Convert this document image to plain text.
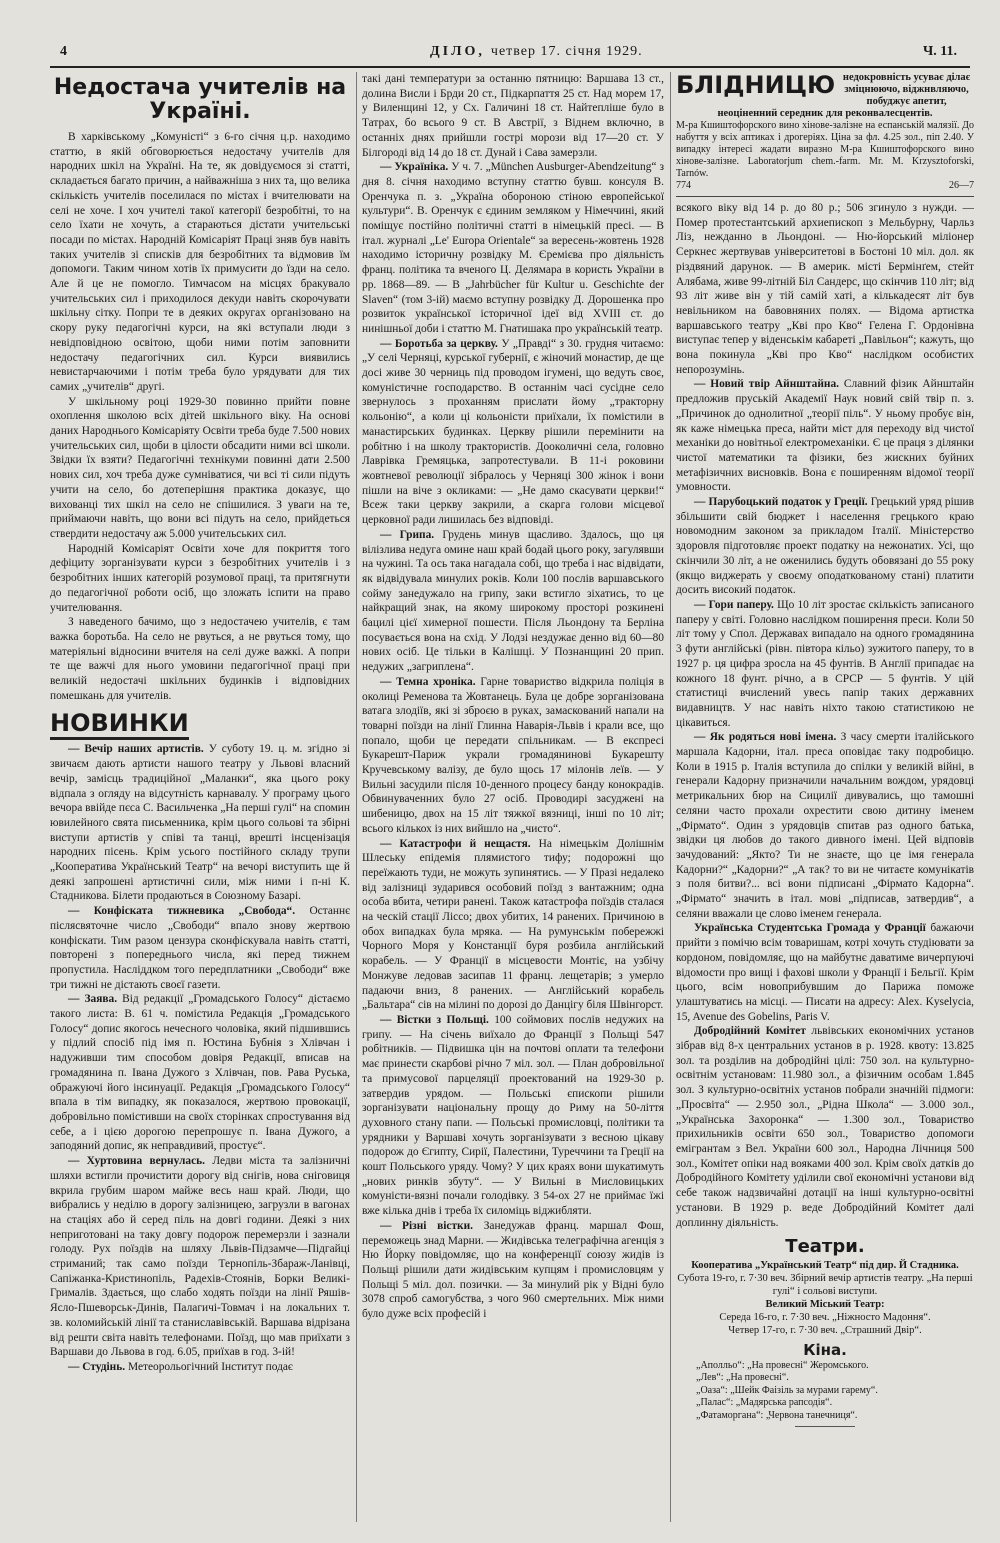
4	ДІЛО, четвер 17. січня 1929.	Ч. 11.
Недостача учителів на Україні.

В харківському „Комуністі“ з 6-го січня ц.р. находимо статтю, в якій обговорюється недостачу учителів для народних шкіл на Україні. На те, як довідуємося зі статті, складається багато причин, а найважніша з них та, що велика скількість учителів поселилася по містах і вчителювати на селі не хоче. І хоч учителі такої категорії безробітні, то на село їхати не хочуть, а стараються дістати учительські посади по містах. Народній Комісаріят Праці зняв був навіть таких учителів зі списків для безробітних та відмовив їм допомоги. Таким чином хотів їх примусити до їзди на село. Але й це не помогло. Тимчасом на місцях бракувало учительських сил і приходилося декуди навіть скорочувати шкільну сітку. Попри те в деяких округах організовано на скору руку педагогічні курси, на які вступали люди з невідповідною освітою, щоби ними потім заповнити недостачу педагогічних сил. Курси виявились невистарчаючими і потім треба було урядувати для тих самих „учителів“ другі.

У шкільному році 1929-30 повинно прийти повне охоплення школою всіх дітей шкільного віку. На основі даних Народнього Комісаріяту Освіти треба буде 7.500 нових учительських сил, щоби в цілости обсадити ними всі школи. Звідки їх взяти? Педагогічні технікуми повинні дати 2.500 нових сил, хоч треба дуже сумніватися, чи всі ті сили підуть учити на село, бо дотеперішня практика доказує, що вихованці тих шкіл на село не спішилися. З уваги на те, приймаючи навіть, що вони всі підуть на село, прийдеться ствердити недостачу аж 5.000 учительських сил.

Народній Комісаріят Освіти хоче для покриття того дефіциту зорганізувати курси з безробітних учителів і з безробітних інших категорій розумової праці, та притягнути до педагогічної роботи осіб, що зложать іспити на право учителювання.

З наведеного бачимо, що з недостачею учителів, є там важка боротьба. На село не рвуться, а не рвуться тому, що матеріяльні відносини вчителя на селі дуже важкі. А попри те ще важчі для нього умовини педагогічної праці при великій недостачі шкільних будинків і відповідних помешкань для учителів.

НОВИНКИ

— Вечір наших артистів. У суботу 19. ц. м. згідно зі звичаєм дають артисти нашого театру у Львові власний вечір, замісць традиційної „Маланки“, яка цього року відпала з огляду на відсутність карнавалу. У програму цього вечора ввійде пєса С. Васильченка „На перші гулі“ на спомин ювилейного свята письменника, крім цього сольові та збірні виступи артистів у співі та танці, врешті інсценізація народних пісень. Крім усього постійного складу трупи „Кооператива Український Театр“ на вечорі виступить ще й деякі запрошені артистичні сили, між ними і п-ні К. Стадникова. Білети продаються в Союзному Базарі.

— Конфіската тижневика „Свобода“. Останнє післясвяточне число „Свободи“ впало знову жертвою конфіскати. Тим разом цензура сконфіскувала навіть статті, повторені з попереднього числа, які перед тижнем пропустила. Насліддком того передплатники „Свободи“ вже три тижні не дістають своєї газети.

— Заява. Від редакції „Громадського Голосу“ дістаємо такого листа: В. 61 ч. помістила Редакція „Громадського Голосу“ допис якогось нечесного чоловіка, який підшившись у підлий спосіб під імя п. Юстина Бубнія з Хлівчан і надуживши тим способом довіря Редакції, вписав на громадянина п. Івана Дужого з Хлівчан, пов. Рава Руська, ображуючі його інсинуації. Редакція „Громадського Голосу“ впала в тім випадку, як показалося, жертвою провокації, добровільно помістивши на своїх сторінках спростування від себе, а і цією дорогою перепрошує п. Івана Дужого, а заподяний допис, як неправдивий, простує“.

— Хуртовина вернулась. Ледви міста та залізничні шляхи встигли прочистити дорогу від снігів, нова сніговиця вкрила грубим шаром майже весь наш край. Люди, що вибрались у неділю в дорогу залізницею, загрузли в вагонах на стаціях або й серед піль на довгі години. Деякі з них неприготовані на таку довгу подорож перемерзли і зазнали голоду. Рух поїздів на шляху Львів-Підзамче—Підгайці стриманий; так само поїзди Тернопіль-Збараж-Ланівці, Сапіжанка-Кристинопіль, Радехів-Стоянів, Борки Великі-Грималів. Здається, що слабо ходять поїзди на лінії Ряшів-Ясло-Пшеворськ-Динів, Палагичі-Товмач і на локальних т. зв. коломийській лінії та станиславівській. Варшава відрізана від решти світа навіть телефонами. Поїзд, що мав приїхати з Варшави до Львова в год. 6.05, приїхав в год. 3-ій!

— Студінь. Метеорольогічний Інститут подає

такі дані температури за останню пятницю: Варшава 13 ст., долина Висли і Брди 20 ст., Підкарпаття 25 ст. Над морем 17, у Виленщині 12, у Сх. Галичині 18 ст. Найтепліше було в Татрах, бо всього 9 ст. В Австрії, з Віднем включно, в останніх днях прийшли гострі морози від 17—20 ст. У Білгороді від 14 до 18 ст. Дунай і Сава замерзли.

— Україніка. У ч. 7. „München Ausburger-Abendzeitung“ з дня 8. січня находимо вступну статтю бувш. консуля В. Оренчука п. з. „Україна обороною стіною европейської культури“. В. Оренчук є єдиним земляком у Німеччині, який поміщує постійно політичні статті в німецькій пресі. — В італ. журналі „Le' Europa Orientale“ за вересень-жовтень 1928 находимо історичну розвідку М. Єремієва про діяльність франц. політика та вченого Ц. Делямара в користь України в рр. 1868—89. — В „Jahrbücher für Kultur u. Geschichte der Slaven“ (том 3-ій) маємо вступну розвідку Д. Дорошенка про розвиток української історичної ідеї від XVIII ст. до нинішньої доби і статтю М. Гнатишака про українській театр.

— Боротьба за церкву. У „Правді“ з 30. грудня читаємо: „У селі Черняці, курської губернії, є жіночий монастир, де ще досі живе 30 черниць під проводом ігумені, що ведуть своє, комуністичне господарство. В останнім часі сусідне село звернулось з проханням прислати йому „тракторну кольонію“, а коли ці кольоністи приїхали, їх помістили в манастирських будинках. Церкву рішили перемінити на робітню і на школу трактористів. Дооколичні села, головно Лаврівка Гремяцька, запротестували. В 11-і роковини жовтневої революції зібралось у Черняці 300 жінок і вони пішли на віче з окликами: — „Не дамо скасувати церкви!“ Всеж таки церкву закрили, а скарга голови місцевої церковної ради лишилась без відповіді.

— Грипа. Грудень минув щасливо. Здалось, що ця вілізлива недуга омине наш край бодай цього року, загулявши на чужині. Та ось така нагадала собі, що треба і нас відвідати, як відвідувала минулих років. Коли 100 послів варшавського сойму занедужало на грипу, заки встигло зіхатись, то це найкращий знак, на якому широкому просторі розкинені бацилі цієї химерної пошести. Після Льондону та Берліна посувається вона на схід. У Лодзі нездужає денно від 60—80 нових осіб. Це тільки в Калішці. У Познанщині 20 прип. недужих „загриплена“.

— Темна хроніка. Гарне товариство відкрила поліція в околиці Ременова та Жовтанець. Була це добре зорганізована ватага злодіїв, які зі зброєю в руках, замаскований напали на товарні поїзди на лінії Глинна Наварія-Львів і крали все, що попало, щоби це передати спільникам. — В експресі Букарешт-Париж украли громадянинові Букарешту Кручевському валізу, де було щось 17 мілонів леїв. — У Вильні засудили після 10-денного процесу банду конокрадів. Обвинуваченних було 27 осіб. Проводирі засуджені на шибеницю, двох на 15 літ тяжкої вязниці, інші по 10 літ; всього кількох із них вийшло на „чисто“.

— Катастрофи й нещастя. На німецькім Долішнім Шлеську епідемія плямистого тифу; подорожні що переїжають туди, не можуть зупинятись. — У Празі недалеко від залізниці зударився особовий поїзд з вантажним; одна особа вбита, четири ранені. Також катастрофа поїздів сталася на ческій стації Ліссо; двох убитих, 14 ранених. Причиною в обох випадках була мряка. — На румунськім побережжі Чорного Моря у Констанції буря розбила англійський корабель. — У Франції в місцевости Монтіє, на узбічу Монжуве ледовав засипав 11 франц. лещетарів; з умерло падаючи вниз, 8 ранених. — Англійський корабель „Бальтара“ сів на мілині по дорозі до Данцігу біля Швінгорст.

— Вістки з Польщі. 100 соймових послів недужих на грипу. — На січень виїхало до Франції з Польщі 547 робітників. — Підвишка цін на почтові оплати та телефони має принести скарбові річно 7 міл. зол. — План добровільної та примусової парцеляції проектований на 1929-30 р. затвердив урядом. — Польські єпископи рішили зорганізувати національну прощу до Риму на 50-ліття духовного стану папи. — Польські промисловці, політики та урядники у Варшаві хочуть зорганізувати з весною цікаву подорож до Єгипту, Сирії, Палестини, Туреччини та Греції на кошт Польського уряду. Чому? У цих краях вони шукатимуть „нових ринків збуту“. — У Вильні в Мисловицьких комуністи-вязні почали голодівку. З 54-ох 27 не приймає їжі вже кілька днів і треба їх силоміць віджибляти.

— Різні вістки. Занедужав франц. маршал Фош, переможець знад Марни. — Жидівська телеграфічна агенція з Ню Йорку повідомляє, що на конференції союзу жидів із Польщі рішили дати жидівським купцям і промисловцям у Польщі 5 міл. дол. позички. — За минулий рік у Відні було 3078 спроб самогубства, з чого 960 смертельних. Між ними було дуже всіх професій і

БЛІДНИЦЮ недокровність усуває ділає зміцнюючо, віджнвляючо, побуджує апетит, неоціненний середник для реконвалесцентів.
М-ра Кшиштофорского вино хінове-залізне на еспанській малязії. До набуття у всіх аптиках і дрогеріях. Ціна за фл. 4.25 зол., піп 2.40. У випадку інтересі жадати виразно М-ра Кшиштофорского вино хінове-залізне. Laboratorjum chem.-farm. Mr. M. Krzysztoforski, Tarnów.
774	26—7

всякого віку від 14 р. до 80 р.; 506 згинуло з нужди. — Помер протестантський архиепископ з Мельбурну, Чарльз Ліз, нежданно в Льондоні. — Ню-йорський міліонер Серкнес жертвував університетові в Бостоні 10 міл. дол. як різдвяний дарунок. — В америк. місті Бермінґем, стейт Алябама, живе 99-літній Біл Сандерс, що скінчив 110 літ; від 93 літ живе він у тій самій хаті, а кількадесят літ був невільником на бавовняних полях. — Відома артистка варшавського театру „Кві про Кво“ Гелена Г. Ордонівна виступає тепер у віденськім кабареті „Павільон“; кажуть, що вона покинула „Кві про Кво“ наслідком особистих непорозумінь.

— Новий твір Айнштайна. Славний фізик Айнштайн предложив пруській Академії Наук новий свій твір п. з. „Причинок до однолитної „теорії піль“. У ньому пробує він, як каже німецька преса, найти міст для переходу від чистої механіки до новітньої електромеханіки. Є це праця з ділянки чистої математики та фізики, без жискних буйних метафізичних висновків. Вона є поширенням відомої теорії умовности.

— Парубоцький податок у Греції. Грецький уряд рішив збільшити свій бюджет і населення грецького краю новомодним законом за прикладом Італії. Міністерство здоровля підготовляє проект податку на нежонатих. Усі, що скінчили 30 літ, а не оженились будуть обовязані до 55 року (якщо виджерать у своєму оподаткованому стані) платити досить високий податок.

— Гори паперу. Що 10 літ зростає скількість записаного паперу у світі. Головно наслідком поширення преси. Коли 50 літ тому у Спол. Державах випадало на одного громадянина 3 фути англійські (рівн. півтора кільо) зужитого паперу, то в 1927 р. ця цифра зросла на 45 фунтів. В Англії припадає на кожного 18 фунт. річно, а в СРСР — 5 фунтів. У цій статистиці вчислений увесь папір таких державних видавництв. У нас навіть ніхто такою статистикою не цікавиться.

— Як родяться нові імена. З часу смерти італійського маршала Кадорни, італ. преса оповідає таку подробицю. Коли в 1915 р. Італія вступила до спілки у великій війні, в генерали Кадорну призначили начальним вождом, урядовці метрикальних бюр на Сицилії дивувались, що тамошні селяни часто прохали охрестити свою дитину іменем „Фірмато“. Один з урядовців спитав раз одного батька, звідки ця любов до такого дивного імені. Цей відповів зачудований: „Якто? Ти не знаєте, що це імя генерала Кадорни?“ „Кадорни?“ „А так? то ви не читаєте комунікатів з поля битви?... всі вони підписані „Фірмато Кадорна“. „Фірмато“ значить в італ. мові „підписав, затвердив“, а селяни вважали це слово іменем генерала.

Українська Студентська Громада у Франції бажаючи прийти з помічю всім товаришам, котрі хочуть студіювати за кордоном, повідомляє, що на майбутнє даватиме вичерпуючі відомости про вищі і фахові школи у Франції і Бельгії. Крім цього, всім новоприбувшим до Парижа поможе улаштуватись на місці. — Писати на адресу: Alex. Kyselycia, 15, Avenue des Gobelins, Paris V.

Добродійний Комітет львівських економічних установ зібрав від 8-х центральних установ в р. 1928. квоту: 13.825 зол. та розділив на добродійні цілі: 750 зол. на культурно-освітнім установам: 11.980 зол., а фізичним особам 1.845 зол. З культурно-освітніх установ побрали значнійі підмоги: „Просвіта“ — 2.950 зол., „Рідна Школа“ — 3.000 зол., „Українська Захоронка“ — 1.300 зол., Товариство прихильників освіти 650 зол., Товариство допомоги емігрантам з Вел. України 600 зол., Народна Лічниця 500 зол., Комітет опіки над вояками 400 зол. Крім своїх датків до Добродійного Комітету уділили свої економічні установи від себе також надзвичайні дотації на інші культурно-освітні установи. В 1929 р. веде Добродійний Комітет далі доплинну діяльність.

Театри.
Кооператива „Український Театр“ під дир. Й Стадника.
Субота 19-го, г. 7·30 веч. Збірний вечір артистів театру. „На перші гулі“ і сольові виступи.
Великий Міський Театр:
Середа 16-го, г. 7·30 веч. „Ніжносто Мадоння“.
Четвер 17-го, г. 7·30 веч. „Страшний Двір“.
Кіна.
„Аполльо“: „На провесні“ Жеромського.
„Лев“: „На провесні“.
„Оаза“: „Шейк Фаізіль за мурами гарему“.
„Палас“: „Мадярська рапсодія“.
„Фатаморгана“: „Червона танечниця“.
